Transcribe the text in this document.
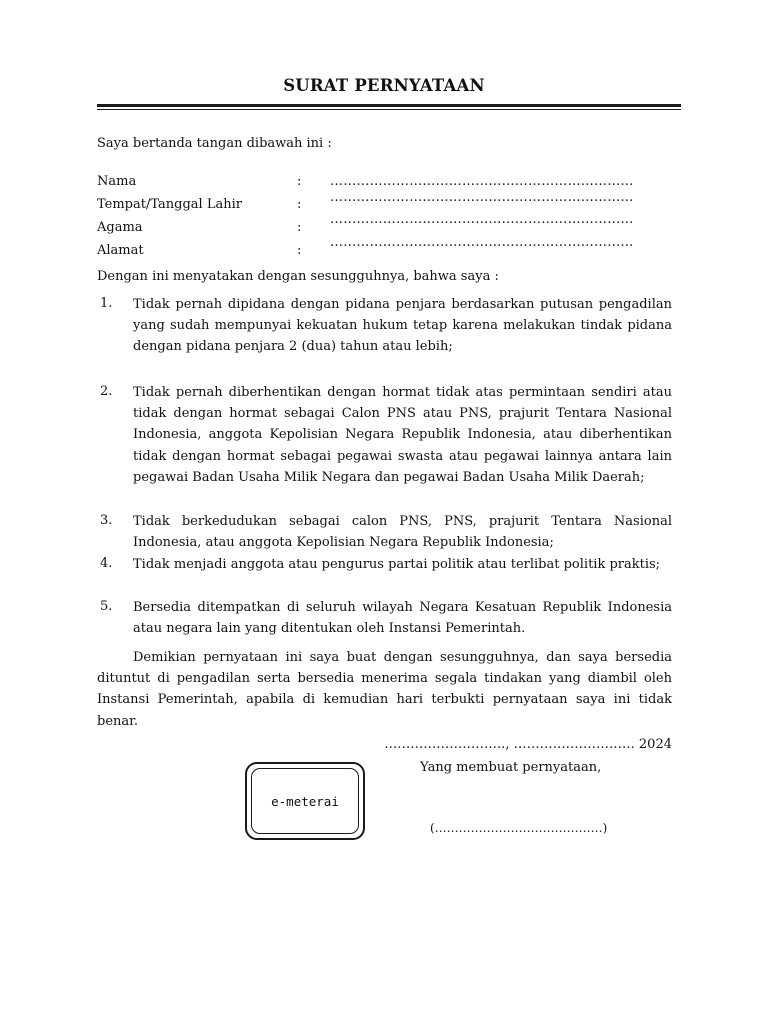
SURAT PERNYATAAN
Saya bertanda tangan dibawah ini :
Nama	: ……………………………………………………………
Tempat/Tanggal Lahir	: ……………………………………………………………
Agama	:
……………………………………………………………
Alamat	:
……………………………………………………………
Dengan ini menyatakan dengan sesungguhnya, bahwa saya :
1. Tidak pernah dipidana dengan pidana penjara berdasarkan putusan pengadilan yang sudah mempunyai kekuatan hukum tetap karena melakukan tindak pidana dengan pidana penjara 2 (dua) tahun atau lebih;
2. Tidak pernah diberhentikan dengan hormat tidak atas permintaan sendiri atau tidak dengan hormat sebagai Calon PNS atau PNS, prajurit Tentara Nasional Indonesia, anggota Kepolisian Negara Republik Indonesia, atau diberhentikan tidak dengan hormat sebagai pegawai swasta atau pegawai lainnya antara lain pegawai Badan Usaha Milik Negara dan pegawai Badan Usaha Milik Daerah;
3. Tidak berkedudukan sebagai calon PNS, PNS, prajurit Tentara Nasional Indonesia, atau anggota Kepolisian Negara Republik Indonesia;
4. Tidak menjadi anggota atau pengurus partai politik atau terlibat politik praktis;
5. Bersedia ditempatkan di seluruh wilayah Negara Kesatuan Republik Indonesia atau negara lain yang ditentukan oleh Instansi Pemerintah.
Demikian pernyataan ini saya buat dengan sesungguhnya, dan saya bersedia dituntut di pengadilan serta bersedia menerima segala tindakan yang diambil oleh Instansi Pemerintah, apabila di kemudian hari terbukti pernyataan saya ini tidak benar.
………………………., ………………………. 2024
Yang membuat pernyataan,
e-meterai
(……………………………………)
